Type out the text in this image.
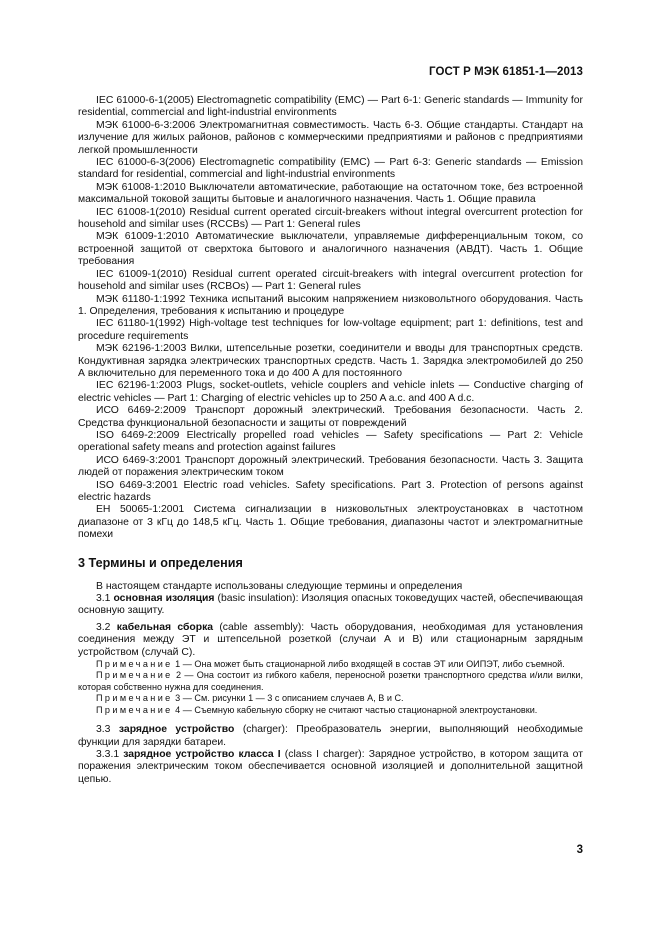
ГОСТ Р МЭК 61851-1—2013

IEC 61000-6-1(2005) Electromagnetic compatibility (EMC) — Part 6-1: Generic standards — Immunity for residential, commercial and light-industrial environments

МЭК 61000-6-3:2006 Электромагнитная совместимость. Часть 6-3. Общие стандарты. Стандарт на излучение для жилых районов, районов с коммерческими предприятиями и районов с предприятиями легкой промышленности

IEC 61000-6-3(2006) Electromagnetic compatibility (EMC) — Part 6-3: Generic standards — Emission standard for residential, commercial and light-industrial environments

МЭК 61008-1:2010 Выключатели автоматические, работающие на остаточном токе, без встроенной максимальной токовой защиты бытовые и аналогичного назначения. Часть 1. Общие правила

IEC 61008-1(2010) Residual current operated circuit-breakers without integral overcurrent protection for household and similar uses (RCCBs) — Part 1: General rules

МЭК 61009-1:2010 Автоматические выключатели, управляемые дифференциальным током, со встроенной защитой от сверхтока бытового и аналогичного назначения (АВДТ). Часть 1. Общие требования

IEC 61009-1(2010) Residual current operated circuit-breakers with integral overcurrent protection for household and similar uses (RCBOs) — Part 1: General rules

МЭК 61180-1:1992 Техника испытаний высоким напряжением низковольтного оборудования. Часть 1. Определения, требования к испытанию и процедуре

IEC 61180-1(1992) High-voltage test techniques for low-voltage equipment; part 1: definitions, test and procedure requirements

МЭК 62196-1:2003 Вилки, штепсельные розетки, соединители и вводы для транспортных средств. Кондуктивная зарядка электрических транспортных средств. Часть 1. Зарядка электромобилей до 250 А включительно для переменного тока и до 400 А для постоянного

IEC 62196-1:2003 Plugs, socket-outlets, vehicle couplers and vehicle inlets — Conductive charging of electric vehicles — Part 1: Charging of electric vehicles up to 250 A a.c. and 400 A d.c.

ИСО 6469-2:2009 Транспорт дорожный электрический. Требования безопасности. Часть 2. Средства функциональной безопасности и защиты от повреждений

ISO 6469-2:2009 Electrically propelled road vehicles — Safety specifications — Part 2: Vehicle operational safety means and protection against failures

ИСО 6469-3:2001 Транспорт дорожный электрический. Требования безопасности. Часть 3. Защита людей от поражения электрическим током

ISO 6469-3:2001 Electric road vehicles. Safety specifications. Part 3. Protection of persons against electric hazards

ЕН 50065-1:2001 Система сигнализации в низковольтных электроустановках в частотном диапазоне от 3 кГц до 148,5 кГц. Часть 1. Общие требования, диапазоны частот и электромагнитные помехи

3 Термины и определения

В настоящем стандарте использованы следующие термины и определения

3.1 основная изоляция (basic insulation): Изоляция опасных токоведущих частей, обеспечивающая основную защиту.

3.2 кабельная сборка (cable assembly): Часть оборудования, необходимая для установления соединения между ЭТ и штепсельной розеткой (случаи А и В) или стационарным зарядным устройством (случай С).

Примечание 1 — Она может быть стационарной либо входящей в состав ЭТ или ОИПЭТ, либо съемной.

Примечание 2 — Она состоит из гибкого кабеля, переносной розетки транспортного средства и/или вилки, которая собственно нужна для соединения.

Примечание 3 — См. рисунки 1 — 3 с описанием случаев А, В и С.

Примечание 4 — Съемную кабельную сборку не считают частью стационарной электроустановки.

3.3 зарядное устройство (charger): Преобразователь энергии, выполняющий необходимые функции для зарядки батареи.

3.3.1 зарядное устройство класса I (class I charger): Зарядное устройство, в котором защита от поражения электрическим током обеспечивается основной изоляцией и дополнительной защитной цепью.

3
